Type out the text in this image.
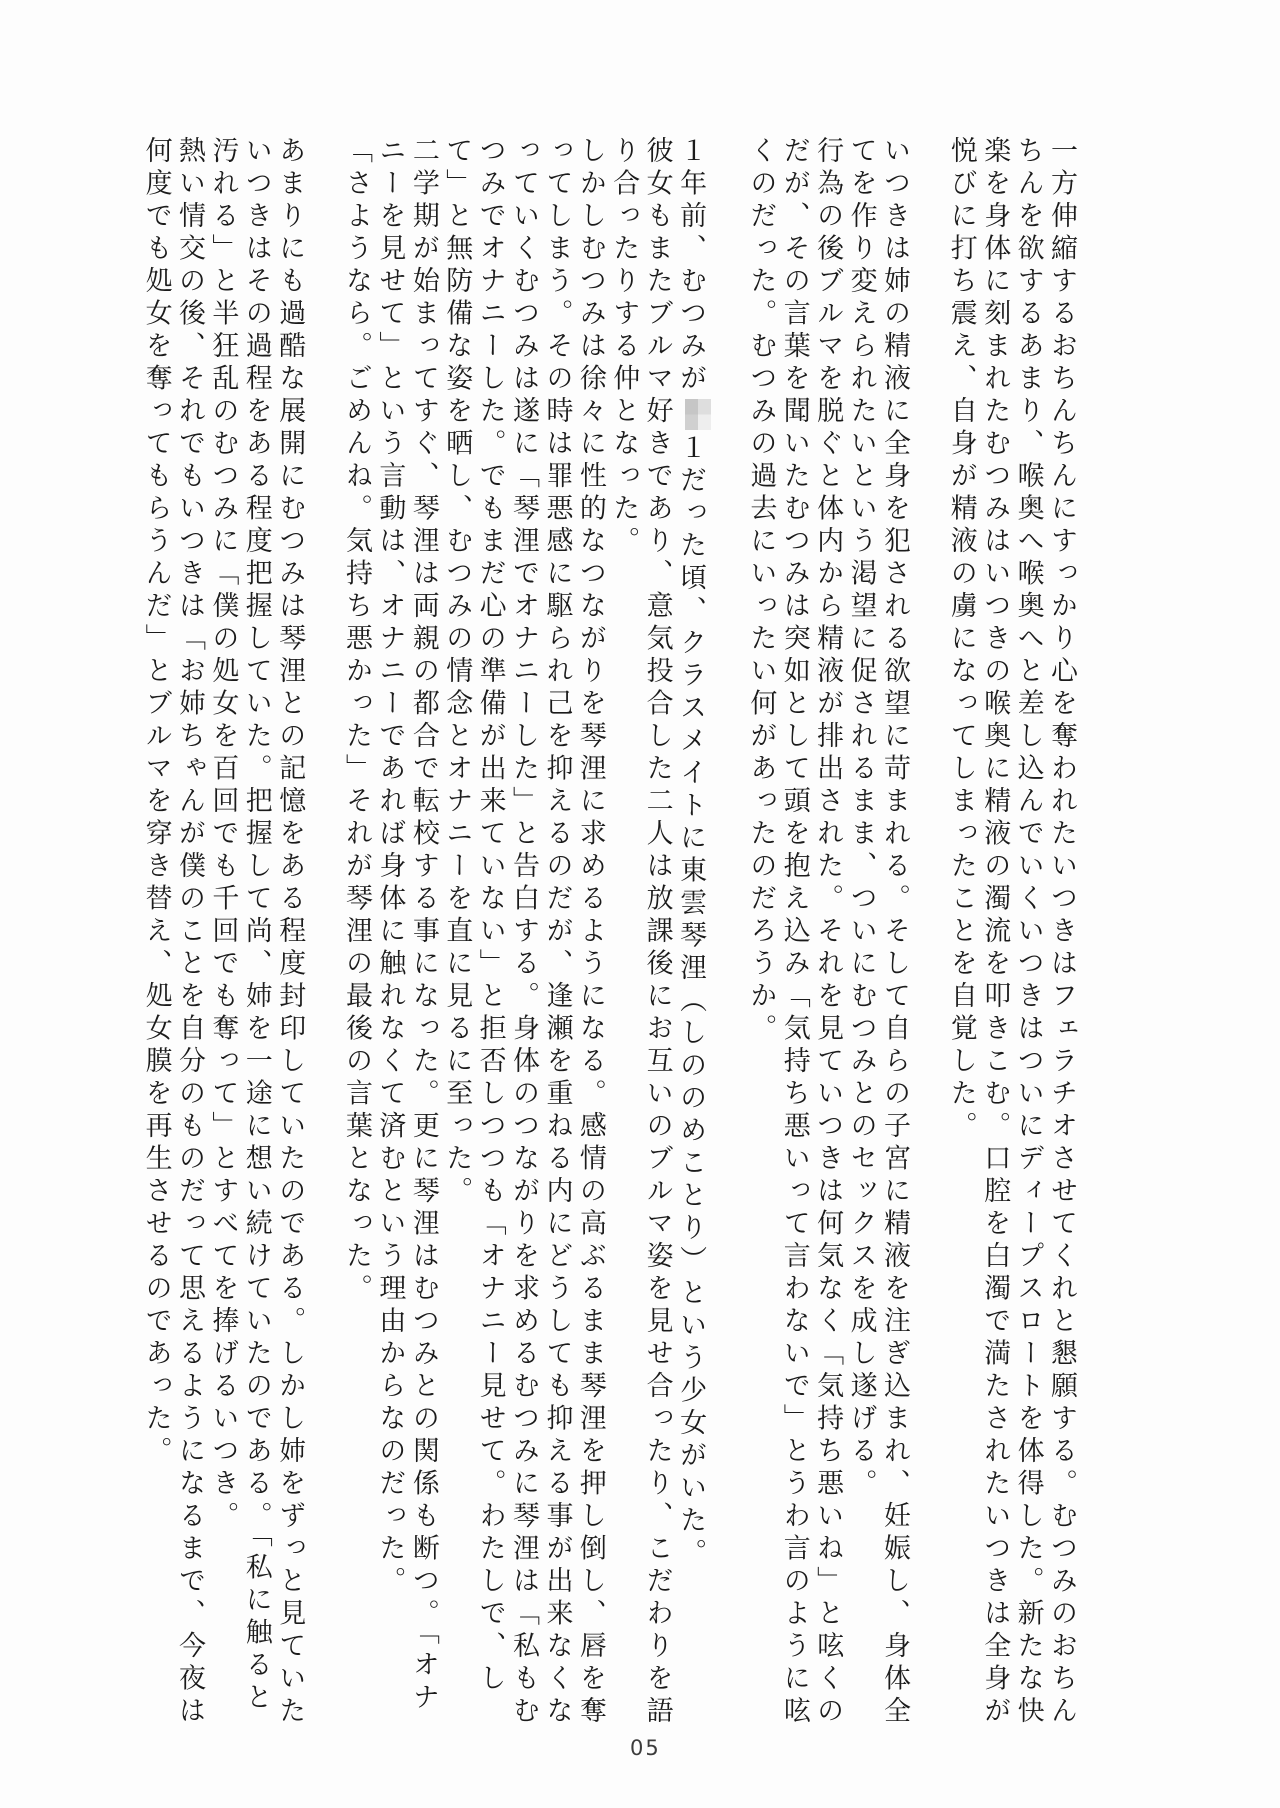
一方伸縮するおちんちんにすっかり心を奪われたいつきはフェラチオさせてくれと懇願する。むつみのおちんちんを欲するあまり、喉奥へ喉奥へと差し込んでいくいつきはついにディープスロートを体得した。新たな快楽を身体に刻まれたむつみはいつきの喉奥に精液の濁流を叩きこむ。口腔を白濁で満たされたいつきは全身が悦びに打ち震え、自身が精液の虜になってしまったことを自覚した。

いつきは姉の精液に全身を犯される欲望に苛まれる。そして自らの子宮に精液を注ぎ込まれ、妊娠し、身体全てを作り変えられたいという渇望に促されるまま、ついにむつみとのセックスを成し遂げる。

行為の後ブルマを脱ぐと体内から精液が排出された。それを見ていつきは何気なく「気持ち悪いね」と呟くのだが、その言葉を聞いたむつみは突如として頭を抱え込み「気持ち悪いって言わないで」とうわ言のように呟くのだった。むつみの過去にいったい何があったのだろうか。

１年前、むつみが１だった頃、クラスメイトに東雲琴浬（しののめことり）という少女がいた。

彼女もまたブルマ好きであり、意気投合した二人は放課後にお互いのブルマ姿を見せ合ったり、こだわりを語り合ったりする仲となった。

しかしむつみは徐々に性的なつながりを琴浬に求めるようになる。感情の高ぶるまま琴浬を押し倒し、唇を奪ってしまう。その時は罪悪感に駆られ己を抑えるのだが、逢瀬を重ねる内にどうしても抑える事が出来なくなっていくむつみは遂に「琴浬でオナニーした」と告白する。身体のつながりを求めるむつみに琴浬は「私もむつみでオナニーした。でもまだ心の準備が出来ていない」と拒否しつつも「オナニー見せて。わたしで、して」と無防備な姿を晒し、むつみの情念とオナニーを直に見るに至った。

二学期が始まってすぐ、琴浬は両親の都合で転校する事になった。更に琴浬はむつみとの関係も断つ。「オナニーを見せて」という言動は、オナニーであれば身体に触れなくて済むという理由からなのだった。

「さようなら。ごめんね。気持ち悪かった」それが琴浬の最後の言葉となった。

あまりにも過酷な展開にむつみは琴浬との記憶をある程度封印していたのである。しかし姉をずっと見ていたいつきはその過程をある程度把握していた。把握して尚、姉を一途に想い続けていたのである。「私に触ると汚れる」と半狂乱のむつみに「僕の処女を百回でも千回でも奪って」とすべてを捧げるいつき。

熱い情交の後、それでもいつきは「お姉ちゃんが僕のことを自分のものだって思えるようになるまで、今夜は何度でも処女を奪ってもらうんだ」とブルマを穿き替え、処女膜を再生させるのであった。

05
